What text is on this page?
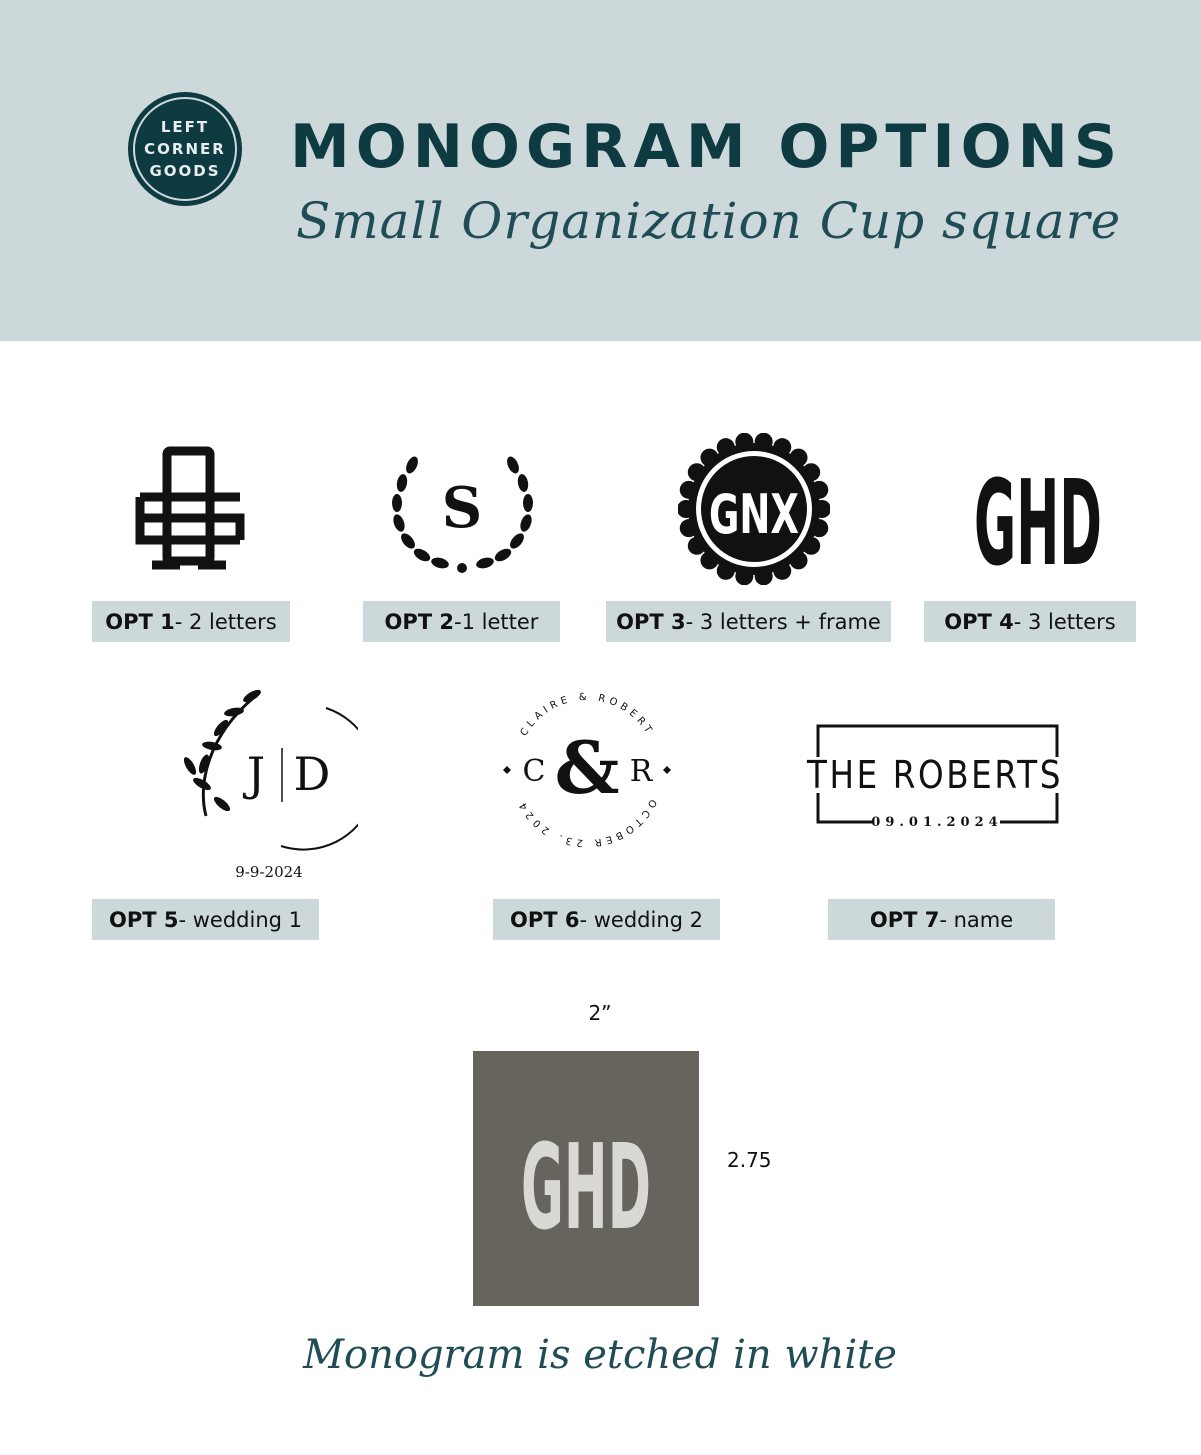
LEFT
CORNER
GOODS MONOGRAM OPTIONS
Small Organization Cup square
OPT 1 - 2 letters
S
OPT 2 -1 letter
GNX
OPT 3 - 3 letters + frame
GHD
OPT 4 - 3 letters
J D
9-9-2024
OPT 5 - wedding 1
CLAIRE & ROBERT
OCTOBER 23. 2024
C & R
OPT 6 - wedding 2
THE ROBERTS
09.01.2024
OPT 7 - name
2”
GHD	2.75
Monogram is etched in white
